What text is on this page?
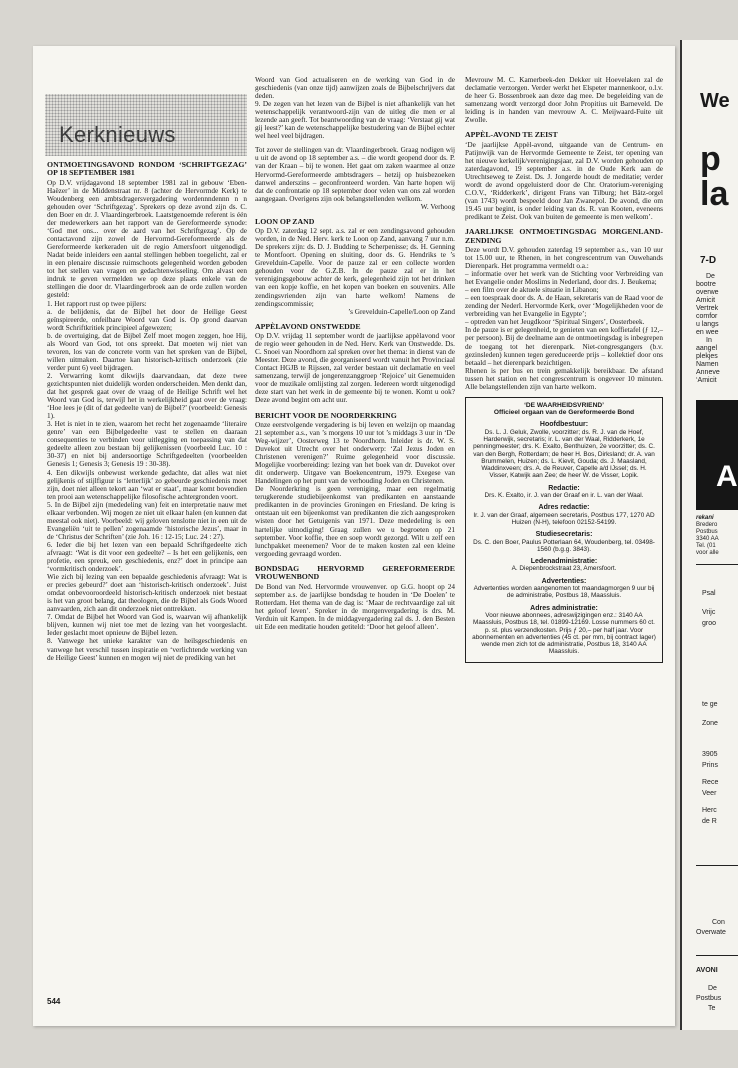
Kerknieuws
ONTMOETINGSAVOND RONDOM ‘SCHRIFTGEZAG’ OP 18 SEPTEMBER 1981

Op D.V. vrijdagavond 18 september 1981 zal in gebouw ‘Eben-Haëzer’ in de Middenstraat nr. 8 (achter de Hervormde Kerk) te Woudenberg een ambtsdragersvergadering wordennndennn n n gehouden over ‘Schriftgezag’. Sprekers op deze avond zijn ds. C. den Boer en dr. J. Vlaardingerbroek. Laatstgenoemde referent is één der medewerkers aan het rapport van de Gereformeerde synode: ‘God met ons... over de aard van het Schriftgezag’. Op de contactavond zijn zowel de Hervormd-Gereformeerde als de Gereformeerde kerkeraden uit de regio Amersfoort uitgenodigd. Nadat beide inleiders een aantal stellingen hebben toegelicht, zal er in een plenaire discussie ruimschoots gelegenheid worden geboden tot het stellen van vragen en gedachtenwisseling. Om alvast een indruk te geven vermelden we op deze plaats enkele van de stellingen die door dr. Vlaardingerbroek aan de orde zullen worden gesteld:

1. Het rapport rust op twee pijlers:

a. de belijdenis, dat de Bijbel het door de Heilige Geest geïnspireerde, onfeilbare Woord van God is. Op grond daarvan wordt Schriftkritiek principieel afgewezen;

b. de overtuiging, dat de Bijbel Zelf moet mogen zeggen, hoe Hij, als Woord van God, tot ons spreekt. Dat moeten wij niet van tevoren, los van de concrete vorm van het spreken van de Bijbel, willen uitmaken. Daartoe kan historisch-kritisch onderzoek (zie verder punt 6) veel bijdragen.

2. Verwarring komt dikwijls daarvandaan, dat deze twee gezichtspunten niet duidelijk worden onderscheiden. Men denkt dan, dat het gesprek gaat over de vraag of de Heilige Schrift wel het Woord van God is, terwijl het in werkelijkheid gaat over de vraag: ‘Hoe lees je (dit of dat gedeelte van) de Bijbel?’ (voorbeeld: Genesis 1).

3. Het is niet in te zien, waarom het recht het zogenaamde ‘literaire genre’ van een Bijbelgedeelte vast te stellen en daaraan consequenties te verbinden voor uitlegging en toepassing van dat gedeelte alleen zou bestaan bij gelijkenissen (voorbeeld Luc. 10 : 30-37) en niet bij andersoortige Schriftgedeelten (voorbeelden Genesis 1; Genesis 3; Genesis 19 : 30-38).

4. Een dikwijls onbewust werkende gedachte, dat alles wat niet gelijkenis of stijlfiguur is ‘letterlijk’ zo gebeurde geschiedenis moet zijn, doet niet alleen tekort aan ‘wat er staat’, maar komt bovendien ten prooi aan wetenschappelijke filosofische achtergronden voort.

5. In de Bijbel zijn (mededeling van) feit en interpretatie nauw met elkaar verbonden. Wij mogen ze niet uit elkaar halen (en kunnen dat meestal ook niet). Voorbeeld: wij geloven tenslotte niet in een uit de Evangeliën ‘uit te pellen’ zogenaamde ‘historische Jezus’, maar in de ‘Christus der Schriften’ (zie Joh. 16 : 12-15; Luc. 24 : 27).

6. Ieder die bij het lezen van een bepaald Schriftgedeelte zich afvraagt: ‘Wat is dit voor een gedeelte? – Is het een gelijkenis, een profetie, een spreuk, een geschiedenis, enz?’ doet in principe aan ‘vormkritisch onderzoek’.

Wie zich bij lezing van een bepaalde geschiedenis afvraagt: Wat is er precies gebeurd?’ doet aan ‘historisch-kritisch onderzoek’. Juist omdat onbevooroordeeld historisch-kritisch onderzoek niet bestaat is het van groot belang, dat theologen, die de Bijbel als Gods Woord aanvaarden, zich aan dit onderzoek niet onttrekken.

7. Omdat de Bijbel het Woord van God is, waarvan wij afhankelijk blijven, kunnen wij niet toe met de lezing van het voorgeslacht. Ieder geslacht moet opnieuw de Bijbel lezen.

8. Vanwege het unieke karakter van de heilsgeschiedenis en vanwege het verschil tussen inspiratie en ‘verlichtende werking van de Heilige Geest’ kunnen en mogen wij niet de prediking van het

Woord van God actualiseren en de werking van God in de geschiedenis (van onze tijd) aanwijzen zoals de Bijbelschrijvers dat deden.

9. De zegen van het lezen van de Bijbel is niet afhankelijk van het wetenschappelijk verantwoord-zijn van de uitleg die men er al lezende aan geeft. Tot beantwoording van de vraag: ‘Verstaat gij wat gij leest?’ kan de wetenschappelijke bestudering van de Bijbel echter wel heel veel bijdragen.

Tot zover de stellingen van dr. Vlaardingerbroek. Graag nodigen wij u uit de avond op 18 september a.s. – die wordt geopend door ds. P. van der Kraan – bij te wonen. Het gaat om zaken waarmee al onze Hervormd-Gereformeerde ambtsdragers – hetzij op huisbezoeken danwel anderszins – geconfronteerd worden. Van harte hopen wij dat de confrontatie op 18 september door velen van ons zal worden aangegaan. Overigens zijn ook belangstellenden welkom.

W. Verhoog

LOON OP ZAND

Op D.V. zaterdag 12 sept. a.s. zal er een zendingsavond gehouden worden, in de Ned. Herv. kerk te Loon op Zand, aanvang 7 uur n.m. De sprekers zijn: ds. D. J. Budding te Scherpenisse; ds. H. Genning te Montfoort. Opening en sluiting, door ds. G. Hendriks te ’s Grevelduin-Capelle. Voor de pauze zal er een collecte worden gehouden voor de G.Z.B. In de pauze zal er in het verenigingsgebouw achter de kerk, gelegenheid zijn tot het drinken van een kopje koffie, en het kopen van boeken en souvenirs. Alle zendingsvrienden zijn van harte welkom! Namens de zendingscommissie;

’s Grevelduin-Capelle/Loon op Zand

APPÈLAVOND ONSTWEDDE

Op D.V. vrijdag 11 september wordt de jaarlijkse appèlavond voor de regio weer gehouden in de Ned. Herv. Kerk van Onstwedde. Ds. C. Snoei van Noordhorn zal spreken over het thema: in dienst van de Meester. Deze avond, die georganiseerd wordt vanuit het Provinciaal Contact HGJB te Rijssen, zal verder bestaan uit declamatie en veel samenzang, terwijl de jongerenzanggroep ‘Rejoice’ uit Genemuiden voor de muzikale omlijsting zal zorgen. Iedereen wordt uitgenodigd deze start van het werk in de gemeente bij te wonen. Komt u ook? Deze avond begint om acht uur.

BERICHT VOOR DE NOORDERKRING

Onze eerstvolgende vergadering is bij leven en welzijn op maandag 21 september a.s., van ’s morgens 10 uur tot ’s middags 3 uur in ‘De Weg-wijzer’, Oosterweg 13 te Noordhorn. Inleider is dr. W. S. Duvekot uit Utrecht over het onderwerp: ‘Zal Jezus Joden en Christenen verenigen?’ Ruime gelegenheid voor discussie. Mogelijke voorbereiding: lezing van het boek van dr. Duvekot over dit onderwerp. Uitgave van Boekencentrum, 1979. Exegese van Handelingen op het punt van de verhouding Joden en Christenen.

De Noorderkring is geen vereniging, maar een regelmatig terugkerende studiebijeenkomst van predikanten en aanstaande predikanten in de provincies Groningen en Friesland. De kring is ontstaan uit een bijeenkomst van predikanten die zich aangesproken wisten door het Getuigenis van 1971. Deze mededeling is een hartelijke uitnodiging! Graag zullen we u begroeten op 21 september. Voor koffie, thee en soep wordt gezorgd. Wilt u zelf een lunchpakket meenemen? Voor de te maken kosten zal een kleine vergoeding gevraagd worden.

BONDSDAG HERVORMD GEREFORMEERDE VROUWENBOND

De Bond van Ned. Hervormde vrouwenver. op G.G. hoopt op 24 september a.s. de jaarlijkse bondsdag te houden in ‘De Doelen’ te Rotterdam. Het thema van de dag is: ‘Maar de rechtvaardige zal uit het geloof leven’. Spreker in de morgenvergadering is drs. M. Verduin uit Kampen. In de middagvergadering zal ds. J. den Besten uit Ede een meditatie houden getiteld: ‘Door het geloof alleen’.

Mevrouw M. C. Kamerbeek-den Dekker uit Hoevelaken zal de declamatie verzorgen. Verder werkt het Elspeter mannenkoor, o.l.v. de heer G. Bossenbroek aan deze dag mee. De begeleiding van de samenzang wordt verzorgd door John Propitius uit Barneveld. De leiding is in handen van mevrouw A. C. Meijwaard-Fuite uit Zwolle.

APPÈL-AVOND TE ZEIST

‘De jaarlijkse Appèl-avond, uitgaande van de Centrum- en Patijnwijk van de Hervormde Gemeente te Zeist, ter opening van het nieuwe kerkelijk/verenigingsjaar, zal D.V. worden gehouden op zaterdagavond, 19 september a.s. in de Oude Kerk aan de Utrechtseweg te Zeist. Ds. J. Jongerde houdt de meditatie; verder wordt de avond opgeluisterd door de Chr. Oratorium-vereniging C.O.V., ‘Ridderkerk’, dirigent Frans van Tilburg; het Bätz-orgel (van 1743) wordt bespeeld door Jan Zwanepol. De avond, die om 19.45 uur begint, is onder leiding van ds. R. van Kooten, eveneens predikant te Zeist. Ook van buiten de gemeente is men welkom’.

JAARLIJKSE ONTMOETINGSDAG MORGENLAND-ZENDING

Deze wordt D.V. gehouden zaterdag 19 september a.s., van 10 uur tot 15.00 uur, te Rhenen, in het congrescentrum van Ouwehands Dierenpark. Het programma vermeldt o.a.:

– informatie over het werk van de Stichting voor Verbreiding van het Evangelie onder Moslims in Nederland, door drs. J. Beukema;

– een film over de aktuele situatie in Libanon;

– een toespraak door ds. A. de Haan, sekretaris van de Raad voor de zending der Nederl. Hervormde Kerk, over ‘Mogelijkheden voor de verbreiding van het Evangelie in Egypte’;

– optreden van het Jeugdkoor ‘Spiritual Singers’, Oosterbeek.

In de pauze is er gelegenheid, te genieten van een koffietafel (ƒ 12,– per persoon). Bij de deelname aan de ontmoetingsdag is inbegrepen de toegang tot het dierenpark. Niet-congresgangers (b.v. gezinsleden) kunnen tegen gereduceerde prijs – kollektief door ons betaald – het dierenpark bezichtigen.

Rhenen is per bus en trein gemakkelijk bereikbaar. De afstand tussen het station en het congrescentrum is ongeveer 10 minuten. Alle belangstellenden zijn van harte welkom.

‘DE WAARHEIDSVRIEND’

Officieel orgaan van de Gereformeerde Bond

Hoofdbestuur:

Ds. L. J. Geluk, Zwolle, voorzitter; ds. R. J. van de Hoef, Harderwijk, secretaris; ir. L. van der Waal, Ridderkerk, 1e penningmeester; drs. K. Exalto, Benthuizen, 2e voorzitter; ds. C. van den Bergh, Rotterdam; de heer H. Bos, Dirksland; dr. A. van Brummelen, Huizen; ds. L. Kievit, Gouda; ds. J. Maasland, Waddinxveen; drs. A. de Reuver, Capelle a/d IJssel; ds. H. Visser, Katwijk aan Zee; de heer W. de Visser, Lopik.

Redactie:

Drs. K. Exalto, ir. J. van der Graaf en ir. L. van der Waal.

Adres redactie:

Ir. J. van der Graaf, algemeen secretaris, Postbus 177, 1270 AD Huizen (N-H), telefoon 02152-54199.

Studiesecretaris:

Ds. C. den Boer, Paulus Potterlaan 64, Woudenberg, tel. 03498-1560 (b.g.g. 3843).

Ledenadministratie:

A. Diepenbrockstraat 23, Amersfoort.

Advertenties:

Advertenties worden aangenomen tot maandagmorgen 9 uur bij de administratie, Postbus 18, Maassluis.

Adres administratie:

Voor nieuwe abonnees, adreswijzigingen enz.: 3140 AA Maassluis, Postbus 18, tel. 01899-12169. Losse nummers 60 ct. p. st. plus verzendkosten. Prijs ƒ 20,– per half jaar. Voor abonnementen en advertenties (45 ct. per mm, bij contract lager) wende men zich tot de administratie, Postbus 18, 3140 AA Maassluis.

544
We
p
la
7-D
De
bootre
overwe
Amicit
Vertrek
comfor
u langs
en wee
In
aangel
plekjes
Namen
Anneve
‘Amicit
A
rekani
Bredero
Postbus
3340 AA
Tel. (01
voor alle
Psal
Vrijc
groo
te ge
Zone
3905
Prins
Rece
Veer
Herc
de R
Con
Overwate
AVONI
De
Postbus
Te
